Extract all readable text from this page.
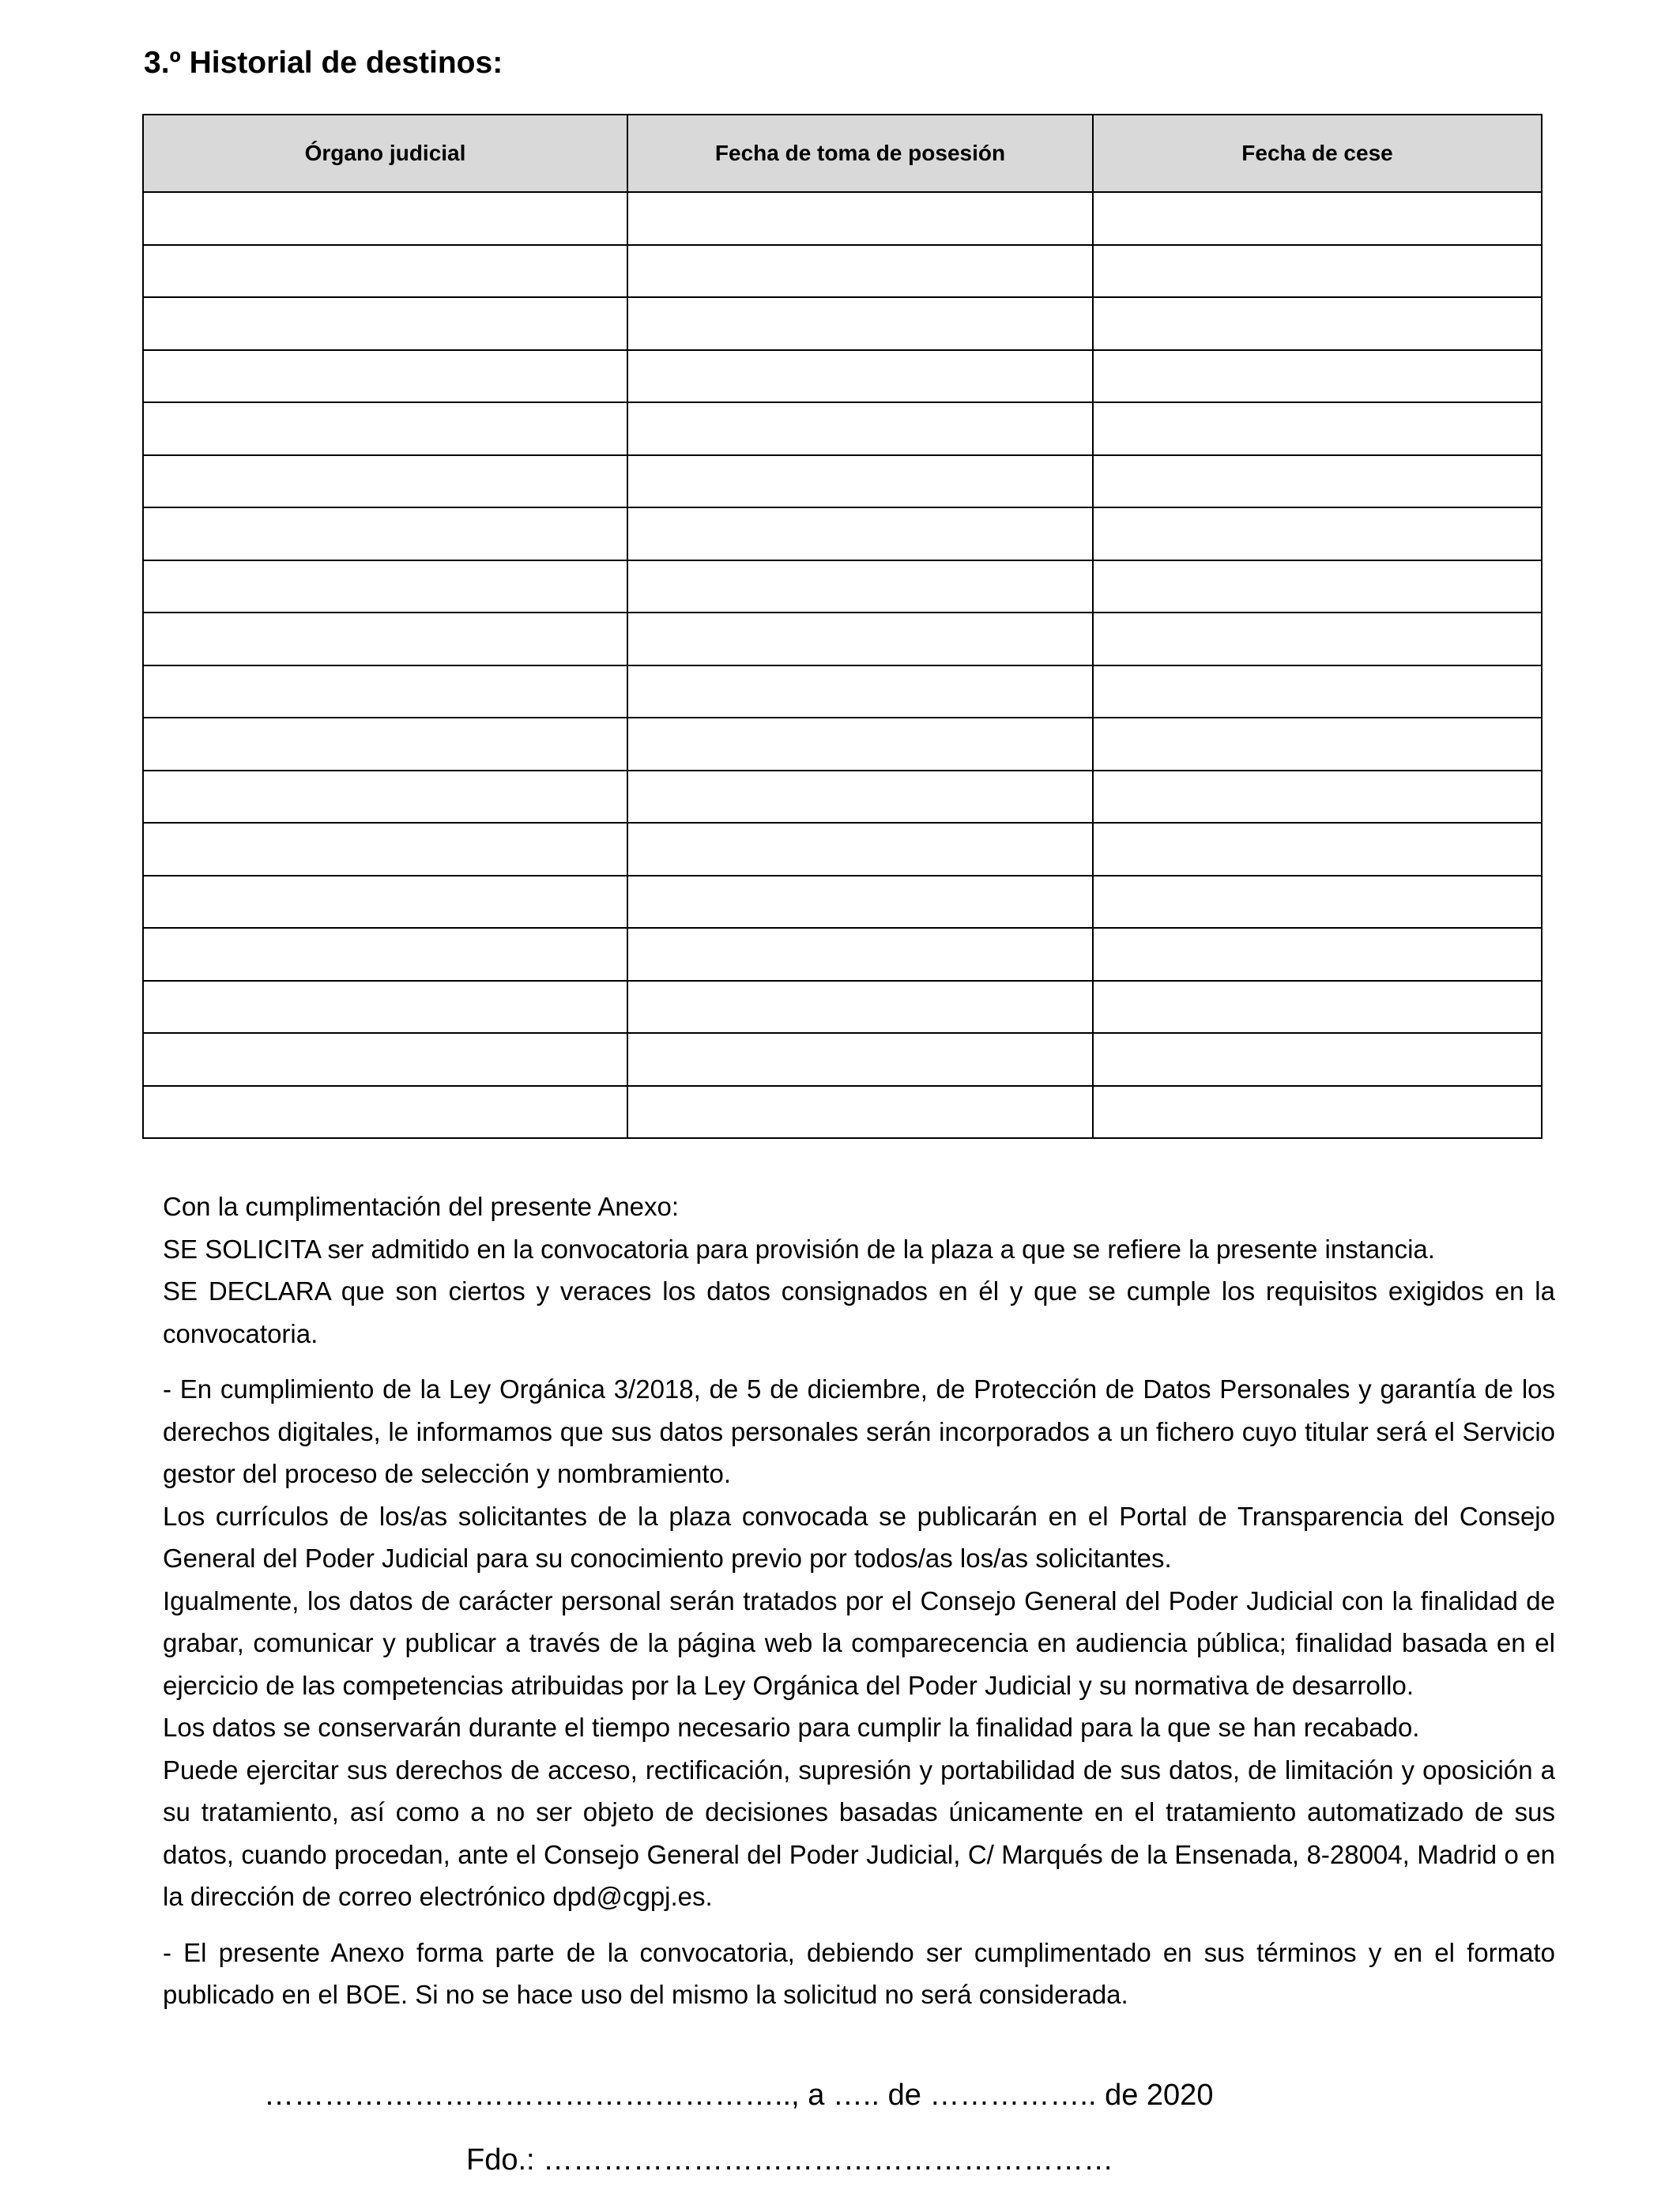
3.º Historial de destinos:
Órgano judicial	Fecha de toma de posesión	Fecha de cese

Con la cumplimentación del presente Anexo:

SE SOLICITA ser admitido en la convocatoria para provisión de la plaza a que se refiere la presente instancia.

SE DECLARA que son ciertos y veraces los datos consignados en él y que se cumple los requisitos exigidos en la convocatoria.

- En cumplimiento de la Ley Orgánica 3/2018, de 5 de diciembre, de Protección de Datos Personales y garantía de los derechos digitales, le informamos que sus datos personales serán incorporados a un fichero cuyo titular será el Servicio gestor del proceso de selección y nombramiento.

Los currículos de los/as solicitantes de la plaza convocada se publicarán en el Portal de Transparencia del Consejo General del Poder Judicial para su conocimiento previo por todos/as los/as solicitantes.

Igualmente, los datos de carácter personal serán tratados por el Consejo General del Poder Judicial con la finalidad de grabar, comunicar y publicar a través de la página web la comparecencia en audiencia pública; finalidad basada en el ejercicio de las competencias atribuidas por la Ley Orgánica del Poder Judicial y su normativa de desarrollo.

Los datos se conservarán durante el tiempo necesario para cumplir la finalidad para la que se han recabado.

Puede ejercitar sus derechos de acceso, rectificación, supresión y portabilidad de sus datos, de limitación y oposición a su tratamiento, así como a no ser objeto de decisiones basadas únicamente en el tratamiento automatizado de sus datos, cuando procedan, ante el Consejo General del Poder Judicial, C/ Marqués de la Ensenada, 8-28004, Madrid o en la dirección de correo electrónico dpd@cgpj.es.

- El presente Anexo forma parte de la convocatoria, debiendo ser cumplimentado en sus términos y en el formato publicado en el BOE. Si no se hace uso del mismo la solicitud no será considerada.

…………………………………………….., a ….. de …………….. de 2020

Fdo.: …………………………………………………
